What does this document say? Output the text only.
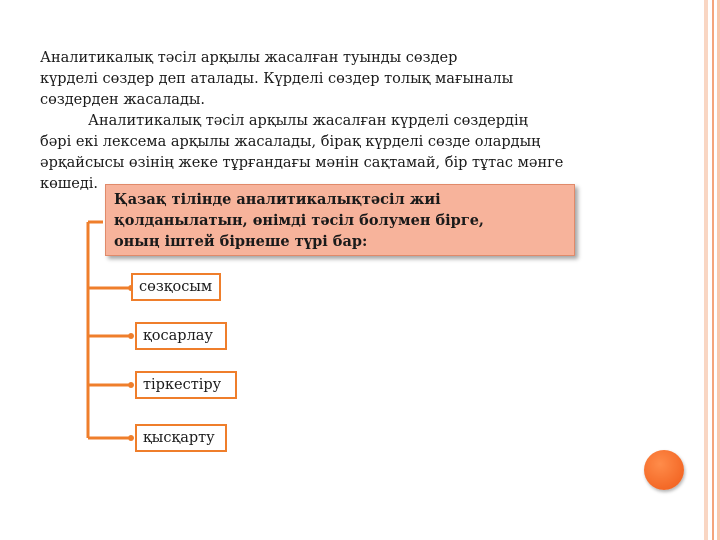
Аналитикалық тәсіл арқылы жасалған туынды сөздер
күрделі сөздер деп аталады. Күрделі сөздер толық мағыналы
сөздерден жасалады.
Аналитикалық тәсіл арқылы жасалған күрделі сөздердің
бәрі екі лексема арқылы жасалады, бірақ күрделі сөзде олардың
әрқайсысы өзінің жеке тұрғандағы мәнін сақтамай, бір тұтас мәнге
көшеді.
Қазақ тілінде аналитикалықтәсіл жиі
қолданылатын, өнімді тәсіл болумен бірге,
оның іштей бірнеше түрі бар:
сөзқосым
қосарлау
тіркестіру
қысқарту
